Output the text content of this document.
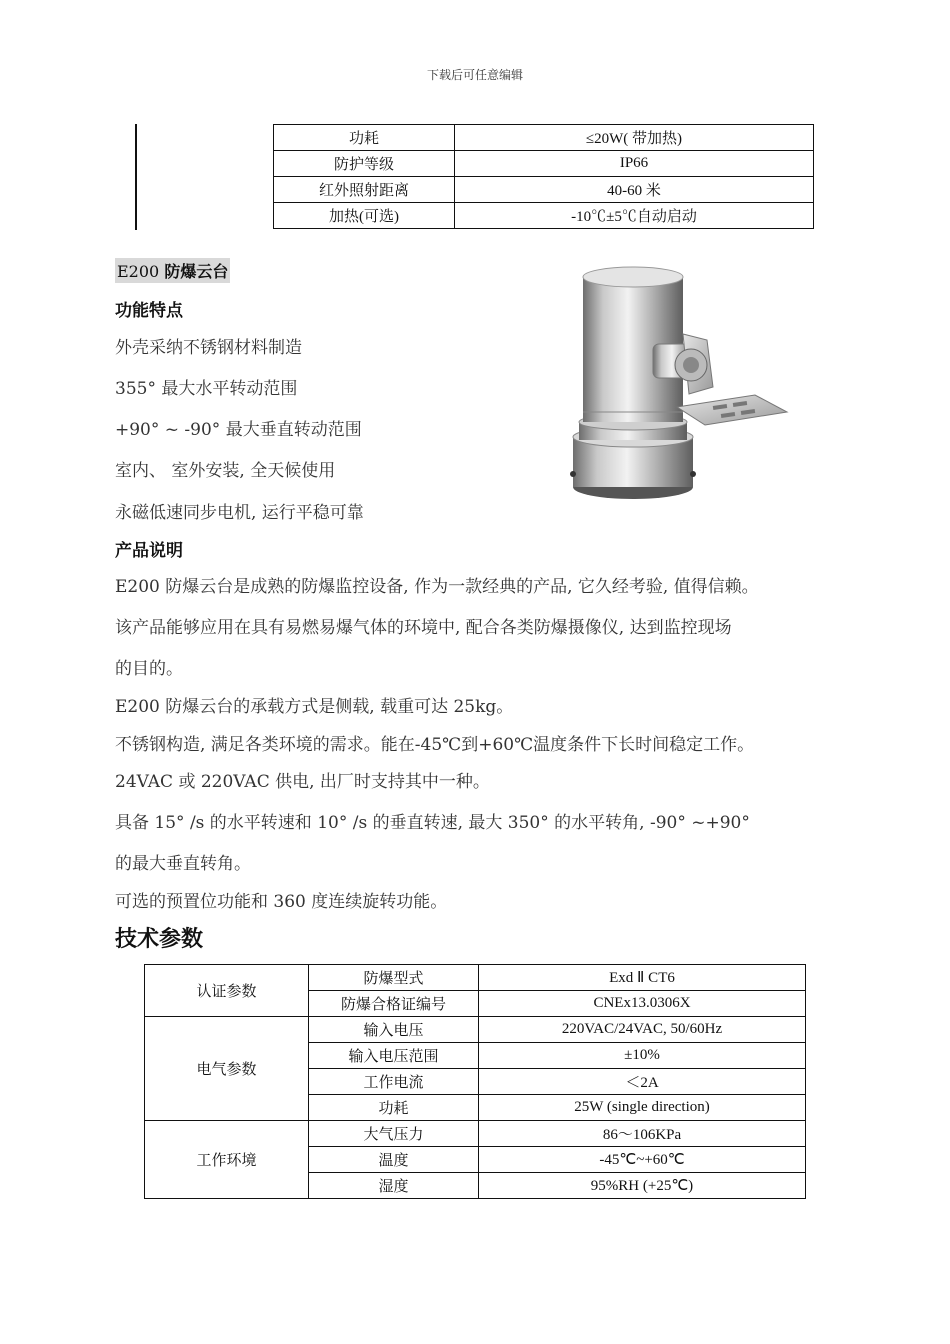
下载后可任意编辑
功耗	≤20W( 带加热)
防护等级	IP66
红外照射距离	40-60 米
加热(可选)	-10℃±5℃自动启动
E200 防爆云台
功能特点
外壳采纳不锈钢材料制造
355° 最大水平转动范围
+90° ~ -90° 最大垂直转动范围
室内、 室外安装, 全天候使用
永磁低速同步电机, 运行平稳可靠
产品说明
E200 防爆云台是成熟的防爆监控设备, 作为一款经典的产品, 它久经考验, 值得信赖。
该产品能够应用在具有易燃易爆气体的环境中, 配合各类防爆摄像仪, 达到监控现场
的目的。
E200 防爆云台的承载方式是侧载, 载重可达 25kg。
不锈钢构造, 满足各类环境的需求。能在-45℃到+60℃温度条件下长时间稳定工作。
24VAC 或 220VAC 供电, 出厂时支持其中一种。
具备 15° /s 的水平转速和 10° /s 的垂直转速, 最大 350° 的水平转角, -90° ~+90°
的最大垂直转角。
可选的预置位功能和 360 度连续旋转功能。
技术参数
认证参数	防爆型式	Exd Ⅱ CT6
	防爆合格证编号	CNEx13.0306X
电气参数	输入电压	220VAC/24VAC, 50/60Hz
	输入电压范围	±10%
	工作电流	＜2A
	功耗	25W (single direction)
工作环境	大气压力	86～106KPa
	温度	-45℃~+60℃
	湿度	95%RH (+25℃)
